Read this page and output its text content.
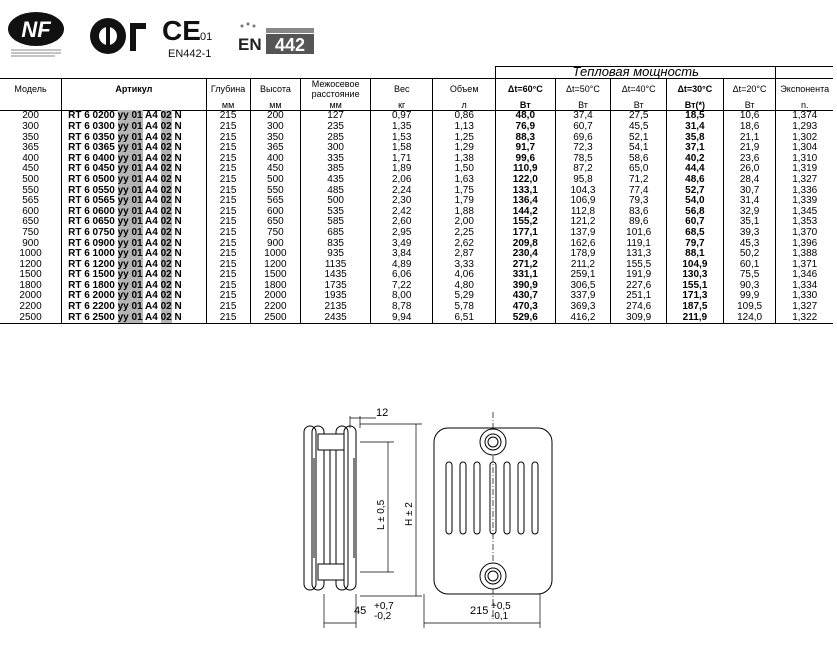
NF	CE 01
EN442-1 EN 442
							Тепловая мощность					
Модель	Артикул	Глубина	Высота	Межосевое расстояние	Вес	Объем	Δt=60°C	Δt=50°C	Δt=40°C	Δt=30°C	Δt=20°C	Экспонента
		мм	мм	мм	кг	л	Вт	Вт	Вт	Вт(*)	Вт	n.
200	RT 6 0200 yy 01 A4 02 N	215	200	127	0,97	0,86	48,0	37,4	27,5	18,5	10,6	1,374
300	RT 6 0300 yy 01 A4 02 N	215	300	235	1,35	1,13	76,9	60,7	45,5	31,4	18,6	1,293
350	RT 6 0350 yy 01 A4 02 N	215	350	285	1,53	1,25	88,3	69,6	52,1	35,8	21,1	1,302
365	RT 6 0365 yy 01 A4 02 N	215	365	300	1,58	1,29	91,7	72,3	54,1	37,1	21,9	1,304
400	RT 6 0400 yy 01 A4 02 N	215	400	335	1,71	1,38	99,6	78,5	58,6	40,2	23,6	1,310
450	RT 6 0450 yy 01 A4 02 N	215	450	385	1,89	1,50	110,9	87,2	65,0	44,4	26,0	1,319
500	RT 6 0500 yy 01 A4 02 N	215	500	435	2,06	1,63	122,0	95,8	71,2	48,6	28,4	1,327
550	RT 6 0550 yy 01 A4 02 N	215	550	485	2,24	1,75	133,1	104,3	77,4	52,7	30,7	1,336
565	RT 6 0565 yy 01 A4 02 N	215	565	500	2,30	1,79	136,4	106,9	79,3	54,0	31,4	1,339
600	RT 6 0600 yy 01 A4 02 N	215	600	535	2,42	1,88	144,2	112,8	83,6	56,8	32,9	1,345
650	RT 6 0650 yy 01 A4 02 N	215	650	585	2,60	2,00	155,2	121,2	89,6	60,7	35,1	1,353
750	RT 6 0750 yy 01 A4 02 N	215	750	685	2,95	2,25	177,1	137,9	101,6	68,5	39,3	1,370
900	RT 6 0900 yy 01 A4 02 N	215	900	835	3,49	2,62	209,8	162,6	119,1	79,7	45,3	1,396
1000	RT 6 1000 yy 01 A4 02 N	215	1000	935	3,84	2,87	230,4	178,9	131,3	88,1	50,2	1,388
1200	RT 6 1200 yy 01 A4 02 N	215	1200	1135	4,89	3,33	271,2	211,2	155,5	104,9	60,1	1,371
1500	RT 6 1500 yy 01 A4 02 N	215	1500	1435	6,06	4,06	331,1	259,1	191,9	130,3	75,5	1,346
1800	RT 6 1800 yy 01 A4 02 N	215	1800	1735	7,22	4,80	390,9	306,5	227,6	155,1	90,3	1,334
2000	RT 6 2000 yy 01 A4 02 N	215	2000	1935	8,00	5,29	430,7	337,9	251,1	171,3	99,9	1,330
2200	RT 6 2200 yy 01 A4 02 N	215	2200	2135	8,78	5,78	470,3	369,3	274,6	187,5	109,5	1,327
2500	RT 6 2500 yy 01 A4 02 N	215	2500	2435	9,94	6,51	529,6	416,2	309,9	211,9	124,0	1,322
12
L ± 0,5 H ± 2
45 +0,7
-0,2	215 +0,5
-0,1
